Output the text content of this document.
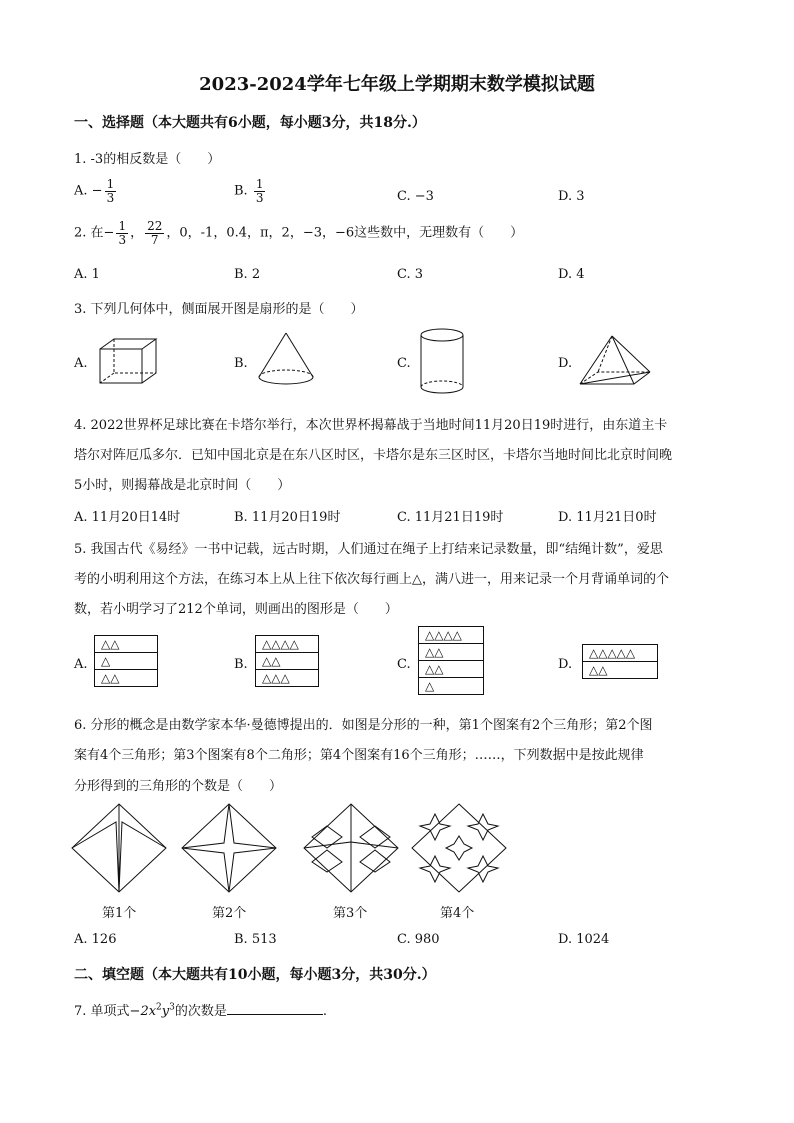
2023-2024学年七年级上学期期末数学模拟试题
一、选择题（本大题共有6小题，每小题3分，共18分.）
1. -3的相反数是（　　）
A. − $\frac{1}{3}$	B. $\frac{1}{3}$	C. −3	D. 3
2. 在− $\frac{1}{3}$ ， $\frac{22}{7}$ ，0，-1，0.4，π，2，−3，−6这些数中，无理数有（　　）
A. 1	B. 2	C. 3	D. 4
3. 下列几何体中，侧面展开图是扇形的是（　　）
A.	B.	C.	D.
4. 2022世界杯足球比赛在卡塔尔举行，本次世界杯揭幕战于当地时间11月20日19时进行，由东道主卡
塔尔对阵厄瓜多尔．已知中国北京是在东八区时区，卡塔尔是东三区时区，卡塔尔当地时间比北京时间晚
5小时，则揭幕战是北京时间（　　）
A. 11月20日14时	B. 11月20日19时	C. 11月21日19时	D. 11月21日0时
5. 我国古代《易经》一书中记载，远古时期，人们通过在绳子上打结来记录数量，即“结绳计数”，爱思
考的小明利用这个方法，在练习本上从上往下依次每行画上△，满八进一，用来记录一个月背诵单词的个
数，若小明学习了212个单词，则画出的图形是（　　）
A.
△△
△
△△
B.
△△△△
△△
△△△
C.
△△△△
△△
△△
△
D.
△△△△△
△△
6. 分形的概念是由数学家本华·曼德博提出的．如图是分形的一种，第1个图案有2个三角形；第2个图
案有4个三角形；第3个图案有8个二角形；第4个图案有16个三角形；……，下列数据中是按此规律
分形得到的三角形的个数是（　　）
第1个	第2个	第3个	第4个
A. 126	B. 513	C. 980	D. 1024
二、填空题（本大题共有10小题，每小题3分，共30分.）
7. 单项式$-2x^2y^3$的次数是	.
